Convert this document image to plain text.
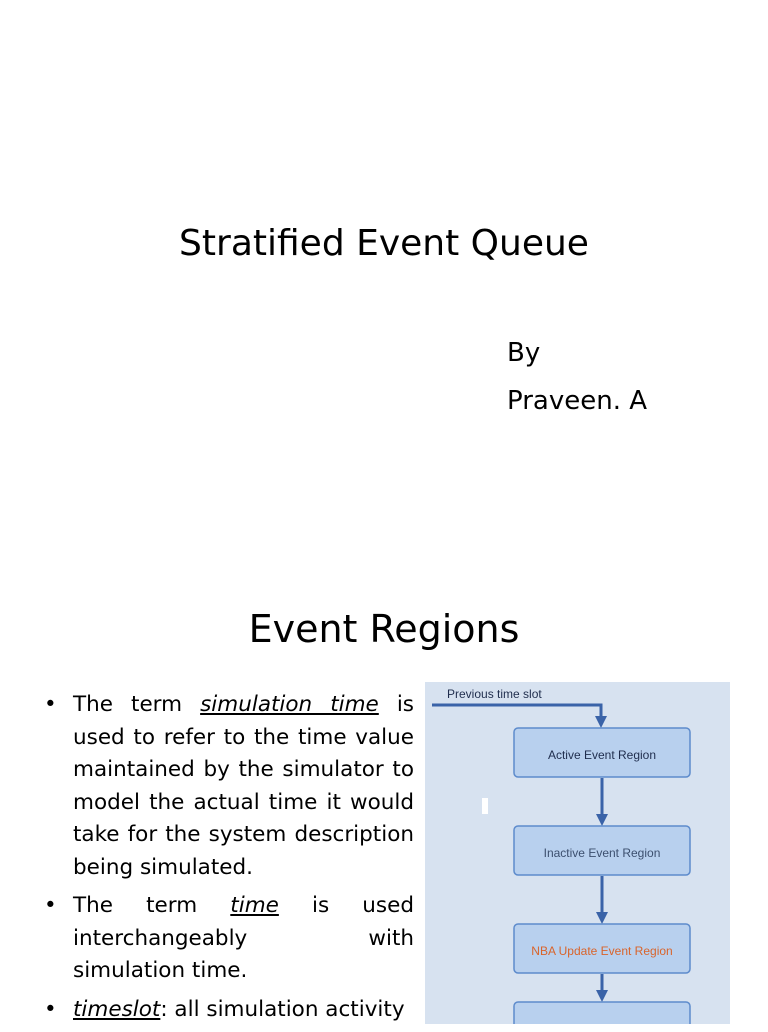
Stratified Event Queue
By
Praveen. A
Event Regions
• The term simulation time is used to refer to the time value maintained by the simulator to model the actual time it would take for the system description being simulated.
• The term time is used interchangeably with simulation time.
• timeslot: all simulation activity
Previous time slot
Active Event Region
Inactive Event Region
NBA Update Event Region
